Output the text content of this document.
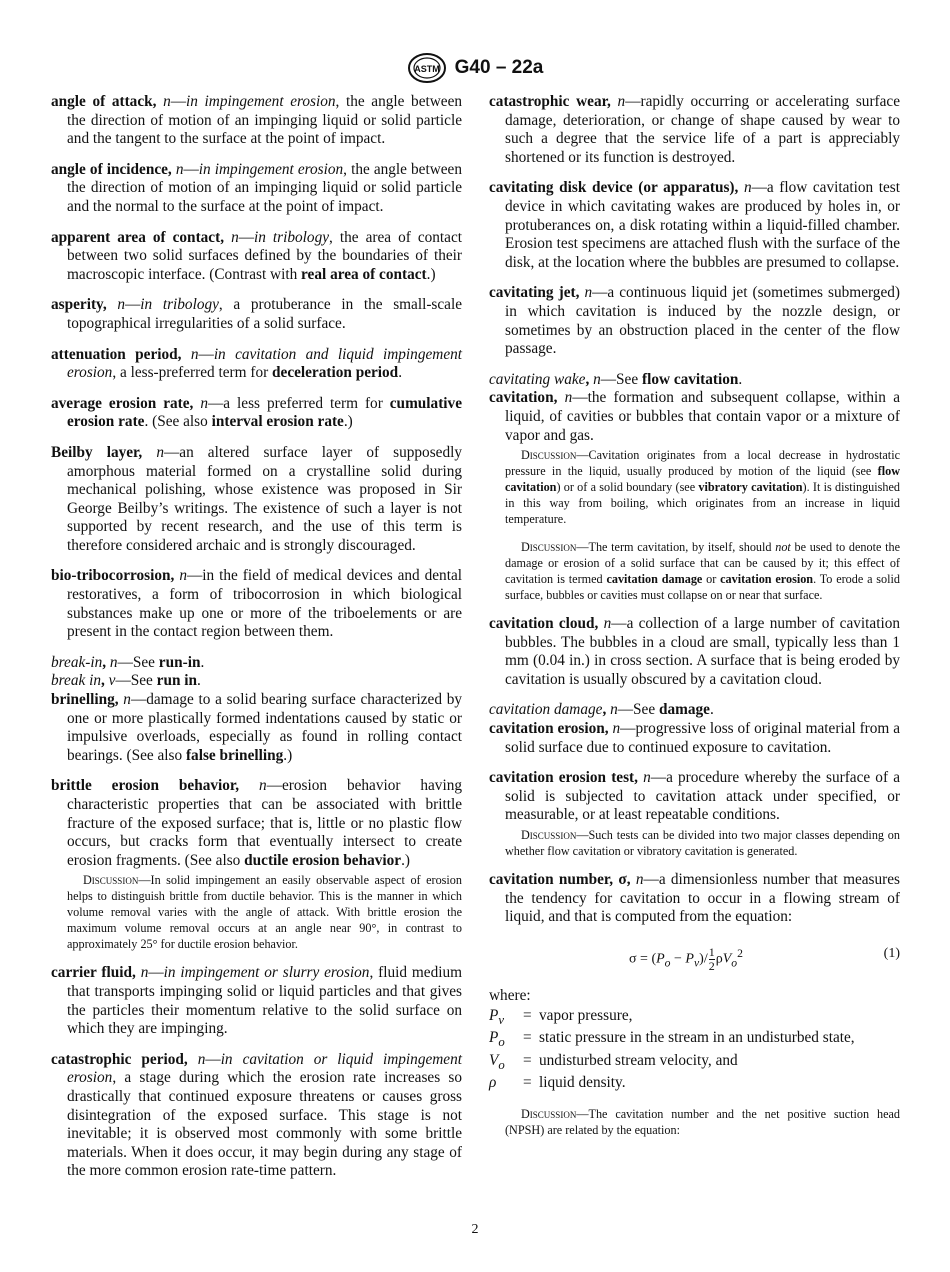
ASTM G40 – 22a

angle of attack, n—in impingement erosion, the angle between the direction of motion of an impinging liquid or solid particle and the tangent to the surface at the point of impact.

angle of incidence, n—in impingement erosion, the angle between the direction of motion of an impinging liquid or solid particle and the normal to the surface at the point of impact.

apparent area of contact, n—in tribology, the area of contact between two solid surfaces defined by the boundaries of their macroscopic interface. (Contrast with real area of contact.)

asperity, n—in tribology, a protuberance in the small-scale topographical irregularities of a solid surface.

attenuation period, n—in cavitation and liquid impingement erosion, a less-preferred term for deceleration period.

average erosion rate, n—a less preferred term for cumulative erosion rate. (See also interval erosion rate.)

Beilby layer, n—an altered surface layer of supposedly amorphous material formed on a crystalline solid during mechanical polishing, whose existence was proposed in Sir George Beilby’s writings. The existence of such a layer is not supported by recent research, and the use of this term is therefore considered archaic and is strongly discouraged.

bio-tribocorrosion, n—in the field of medical devices and dental restoratives, a form of tribocorrosion in which biological substances make up one or more of the triboelements or are present in the contact region between them.

break-in, n—See run-in.

break in, v—See run in.

brinelling, n—damage to a solid bearing surface characterized by one or more plastically formed indentations caused by static or impulsive overloads, especially as found in rolling contact bearings. (See also false brinelling.)

brittle erosion behavior, n—erosion behavior having characteristic properties that can be associated with brittle fracture of the exposed surface; that is, little or no plastic flow occurs, but cracks form that eventually intersect to create erosion fragments. (See also ductile erosion behavior.)

Discussion—In solid impingement an easily observable aspect of erosion helps to distinguish brittle from ductile behavior. This is the manner in which volume removal varies with the angle of attack. With brittle erosion the maximum volume removal occurs at an angle near 90°, in contrast to approximately 25° for ductile erosion behavior.

carrier fluid, n—in impingement or slurry erosion, fluid medium that transports impinging solid or liquid particles and that gives the particles their momentum relative to the solid surface on which they are impinging.

catastrophic period, n—in cavitation or liquid impingement erosion, a stage during which the erosion rate increases so drastically that continued exposure threatens or causes gross disintegration of the exposed surface. This stage is not inevitable; it is observed most commonly with some brittle materials. When it does occur, it may begin during any stage of the more common erosion rate-time pattern.

catastrophic wear, n—rapidly occurring or accelerating surface damage, deterioration, or change of shape caused by wear to such a degree that the service life of a part is appreciably shortened or its function is destroyed.

cavitating disk device (or apparatus), n—a flow cavitation test device in which cavitating wakes are produced by holes in, or protuberances on, a disk rotating within a liquid-filled chamber. Erosion test specimens are attached flush with the surface of the disk, at the location where the bubbles are presumed to collapse.

cavitating jet, n—a continuous liquid jet (sometimes submerged) in which cavitation is induced by the nozzle design, or sometimes by an obstruction placed in the center of the flow passage.

cavitating wake, n—See flow cavitation.

cavitation, n—the formation and subsequent collapse, within a liquid, of cavities or bubbles that contain vapor or a mixture of vapor and gas.

Discussion—Cavitation originates from a local decrease in hydrostatic pressure in the liquid, usually produced by motion of the liquid (see flow cavitation) or of a solid boundary (see vibratory cavitation). It is distinguished in this way from boiling, which originates from an increase in liquid temperature.

Discussion—The term cavitation, by itself, should not be used to denote the damage or erosion of a solid surface that can be caused by it; this effect of cavitation is termed cavitation damage or cavitation erosion. To erode a solid surface, bubbles or cavities must collapse on or near that surface.

cavitation cloud, n—a collection of a large number of cavitation bubbles. The bubbles in a cloud are small, typically less than 1 mm (0.04 in.) in cross section. A surface that is being eroded by cavitation is usually obscured by a cavitation cloud.

cavitation damage, n—See damage.

cavitation erosion, n—progressive loss of original material from a solid surface due to continued exposure to cavitation.

cavitation erosion test, n—a procedure whereby the surface of a solid is subjected to cavitation attack under specified, or measurable, or at least repeatable conditions.

Discussion—Such tests can be divided into two major classes depending on whether flow cavitation or vibratory cavitation is generated.

cavitation number, σ, n—a dimensionless number that measures the tendency for cavitation to occur in a flowing stream of liquid, and that is computed from the equation:

$\sigma = (P_o - P_v)/ \frac{1}{2} \rho V_o^2$	(1)

where:

$P_v$	= vapor pressure,
$P_o$	= static pressure in the stream in an undisturbed state,
$V_o$	= undisturbed stream velocity, and
ρ	= liquid density.

Discussion—The cavitation number and the net positive suction head (NPSH) are related by the equation:

2
